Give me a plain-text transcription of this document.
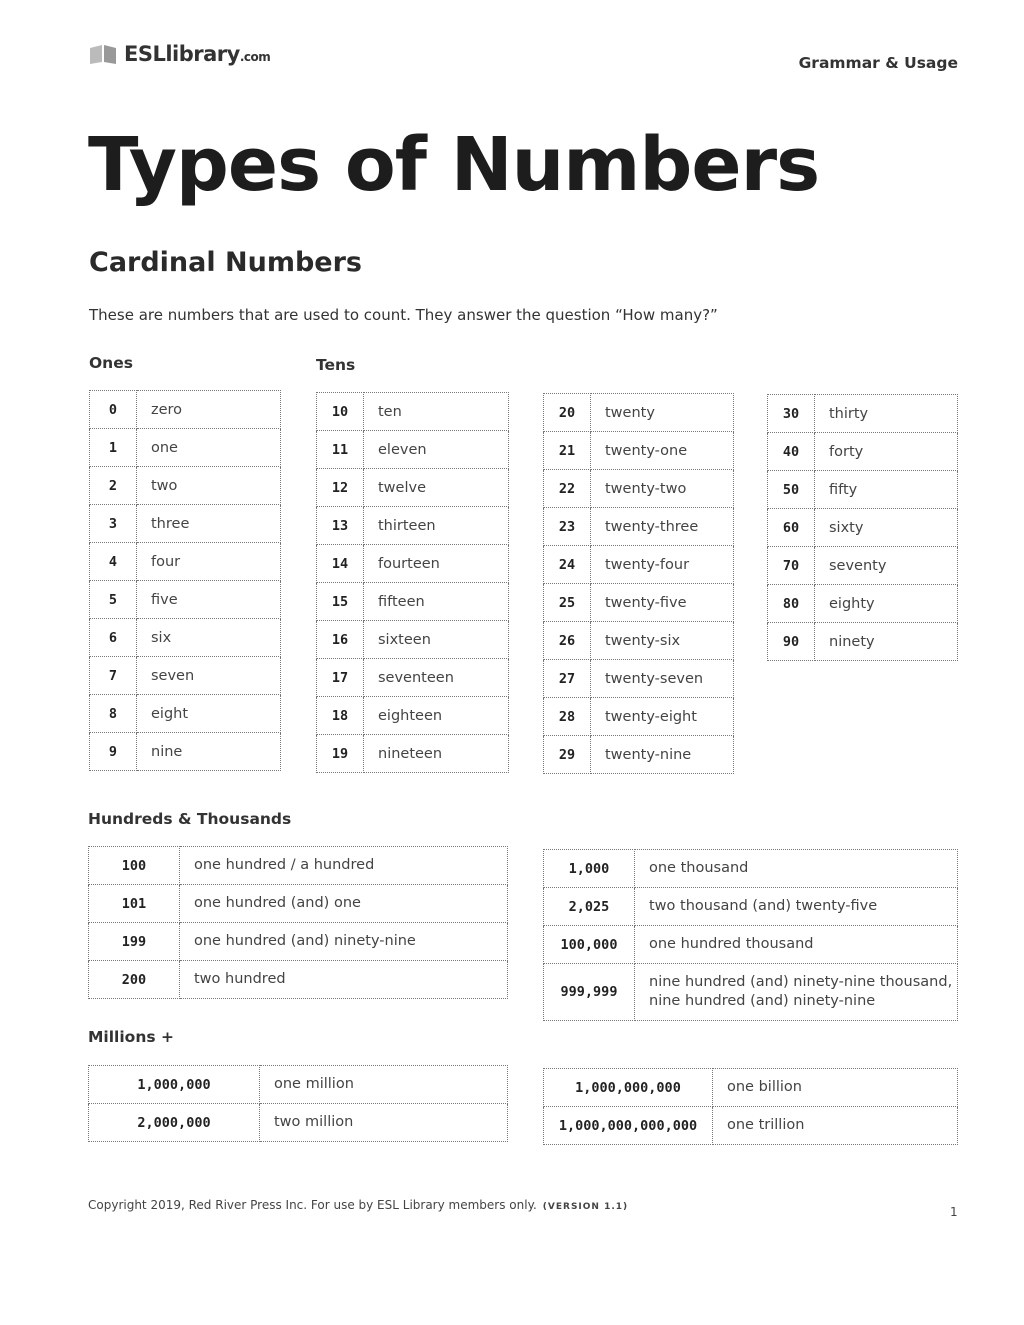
ESLlibrary.com	Grammar & Usage
Types of Numbers
Cardinal Numbers
These are numbers that are used to count. They answer the question “How many?”
Ones	Tens
0	zero
1	one
2	two
3	three
4	four
5	five
6	six
7	seven
8	eight
9	nine
10	ten
11	eleven
12	twelve
13	thirteen
14	fourteen
15	fifteen
16	sixteen
17	seventeen
18	eighteen
19	nineteen
20	twenty
21	twenty-one
22	twenty-two
23	twenty-three
24	twenty-four
25	twenty-five
26	twenty-six
27	twenty-seven
28	twenty-eight
29	twenty-nine
30	thirty
40	forty
50	fifty
60	sixty
70	seventy
80	eighty
90	ninety
Hundreds & Thousands
100	one hundred / a hundred
101	one hundred (and) one
199	one hundred (and) ninety-nine
200	two hundred
1,000	one thousand
2,025	two thousand (and) twenty-five
100,000	one hundred thousand
999,999	nine hundred (and) ninety-nine thousand,
nine hundred (and) ninety-nine
Millions +
1,000,000	one million
2,000,000	two million
1,000,000,000	one billion
1,000,000,000,000	one trillion
Copyright 2019, Red River Press Inc. For use by ESL Library members only. (VERSION 1.1)	1
